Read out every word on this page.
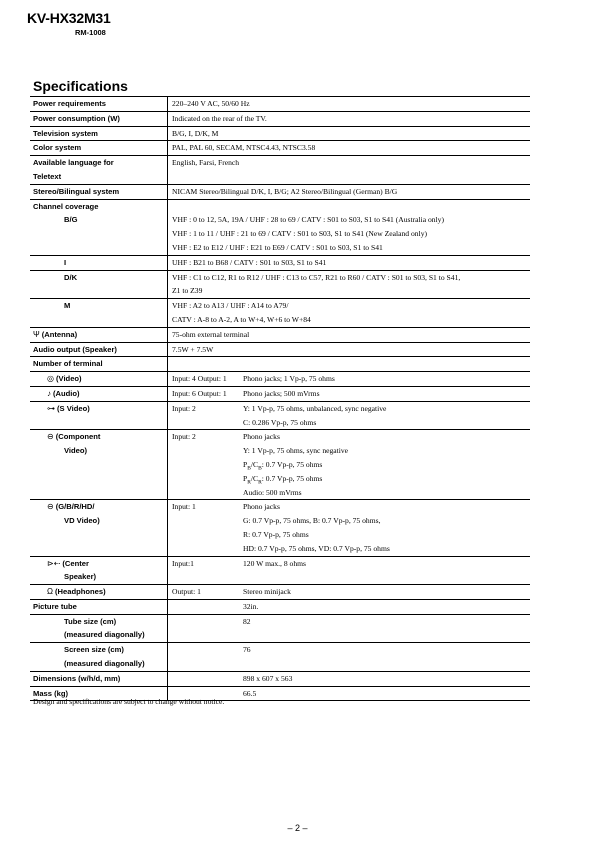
KV-HX32M31
RM-1008
Specifications
Power requirements	220–240 V AC, 50/60 Hz
Power consumption (W)	Indicated on the rear of the TV.
Television system	B/G, I, D/K, M
Color system	PAL, PAL 60, SECAM, NTSC4.43, NTSC3.58
Available language for	English, Farsi, French
Teletext
Stereo/Bilingual system	NICAM Stereo/Bilingual D/K, I, B/G; A2 Stereo/Bilingual (German) B/G
Channel coverage
B/G	VHF : 0 to 12, 5A, 19A / UHF : 28 to 69 / CATV : S01 to S03, S1 to S41 (Australia only)
VHF : 1 to 11 / UHF : 21 to 69 / CATV : S01 to S03, S1 to S41 (New Zealand only)
VHF : E2 to E12 / UHF : E21 to E69 / CATV : S01 to S03, S1 to S41
I	UHF : B21 to B68 / CATV : S01 to S03, S1 to S41
D/K	VHF : C1 to C12, R1 to R12 / UHF : C13 to C57, R21 to R60 / CATV : S01 to S03, S1 to S41,
Z1 to Z39
M	VHF : A2 to A13 / UHF : A14 to A79/
CATV : A-8 to A-2, A to W+4, W+6 to W+84
Ψ (Antenna)	75-ohm external terminal
Audio output (Speaker)	7.5W + 7.5W
Number of terminal
◎ (Video)	Input: 4 Output: 1 Phono jacks; 1 Vp-p, 75 ohms
♪ (Audio)	Input: 6 Output: 1 Phono jacks; 500 mVrms
⊶ (S Video)	Input: 2	Y: 1 Vp-p, 75 ohms, unbalanced, sync negative
C: 0.286 Vp-p, 75 ohms
⊖ (Component	Input: 2	Phono jacks
Video)	Y: 1 Vp-p, 75 ohms, sync negative
$P_B/C_B$: 0.7 Vp-p, 75 ohms
$P_R/C_R$: 0.7 Vp-p, 75 ohms
Audio: 500 mVrms
⊖ (G/B/R/HD/	Input: 1	Phono jacks
VD Video)	G: 0.7 Vp-p, 75 ohms, B: 0.7 Vp-p, 75 ohms,
R: 0.7 Vp-p, 75 ohms
HD: 0.7 Vp-p, 75 ohms, VD: 0.7 Vp-p, 75 ohms
⊳⇠ (Center	Input:1	120 W max., 8 ohms
Speaker)
Ω (Headphones)	Output: 1	Stereo minijack
Picture tube	32in.
Tube size (cm)	82
(measured diagonally)
Screen size (cm)	76
(measured diagonally)
Dimensions (w/h/d, mm)	898 x 607 x 563
Mass (kg)	66.5
Design and specifications are subject to change without notice.
– 2 –
